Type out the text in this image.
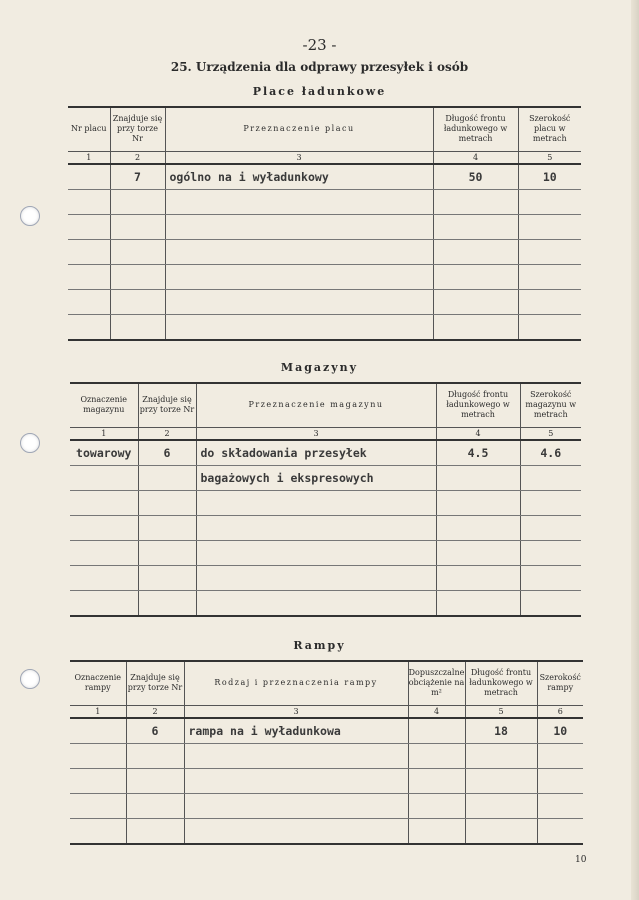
-23 -
25. Urządzenia dla odprawy przesyłek i osób
Place ładunkowe
Nr placu	Znajduje się przy torze Nr	Przeznaczenie placu	Długość frontu ładunkowego w metrach	Szerokość placu w metrach
1	2	3	4	5
	7	ogólno na i wyładunkowy	50	10

Magazyny
Oznaczenie magazynu	Znajduje się przy torze Nr	Przeznaczenie magazynu	Długość frontu ładunkowego w metrach	Szerokość magazynu w metrach
1	2	3	4	5
towarowy	6	do składowania przesyłek	4.5	4.6
		bagażowych i ekspresowych		

Rampy
Oznaczenie rampy	Znajduje się przy torze Nr	Rodzaj i przeznaczenia rampy	Dopuszczalne obciążenie na m²	Długość frontu ładunkowego w metrach	Szerokość rampy
1	2	3	4	5	6
	6	rampa na i wyładunkowa		18	10

10
